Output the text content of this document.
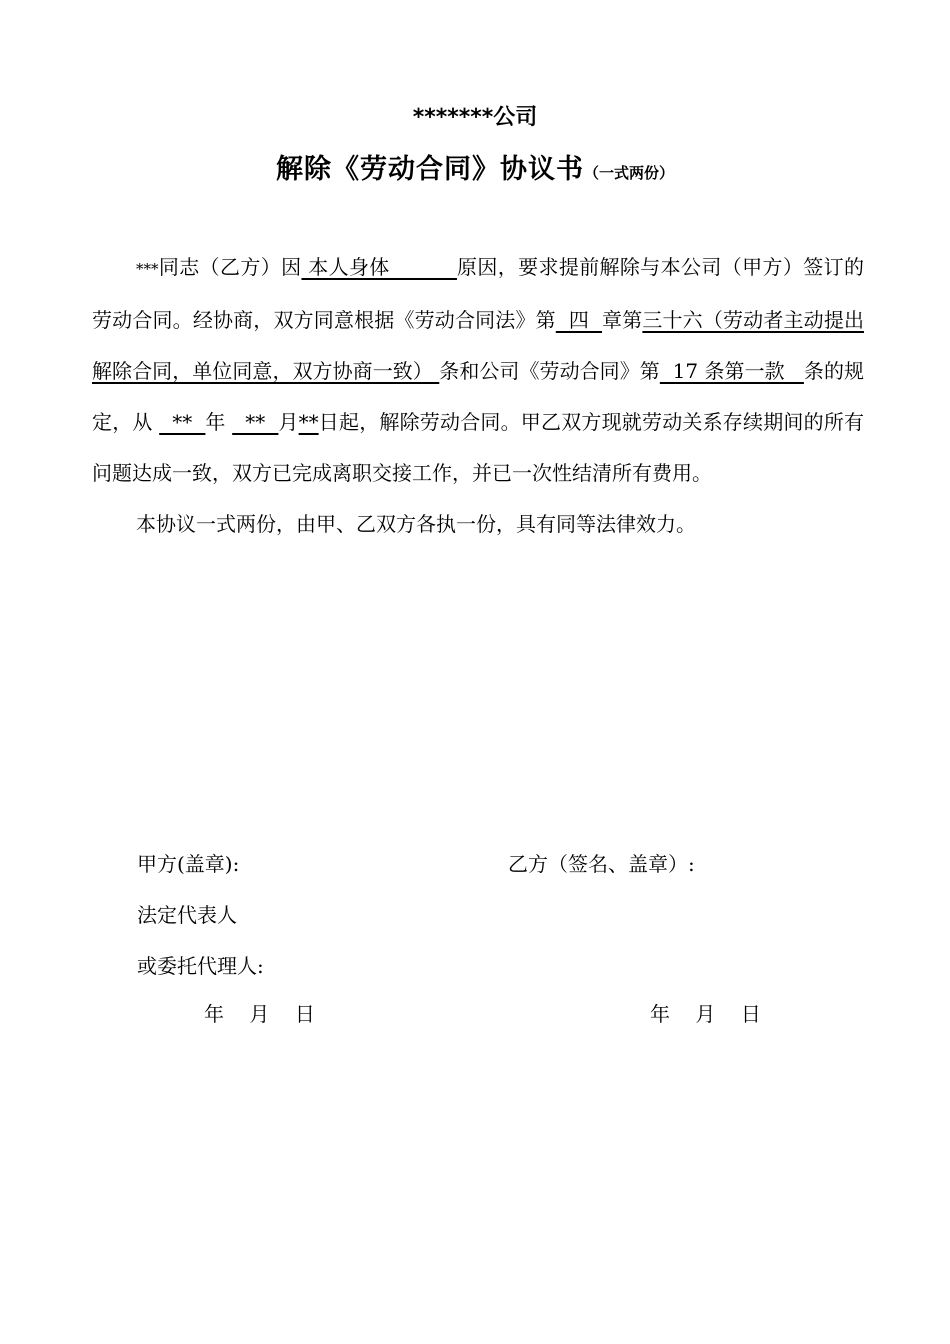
*******公司
解除《劳动合同》协议书（一式两份）

***同志（乙方）因 本人身体          原因，要求提前解除与本公司（甲方）签订的劳动合同。经协商，双方同意根据《劳动合同法》第  四  章第三十六（劳动者主动提出解除合同，单位同意，双方协商一致） 条和公司《劳动合同》第  17 条第一款   条的规定，从   **  年   **  月**日起，解除劳动合同。甲乙双方现就劳动关系存续期间的所有问题达成一致，双方已完成离职交接工作，并已一次性结清所有费用。

本协议一式两份，由甲、乙双方各执一份，具有同等法律效力。

甲方(盖章):
法定代表人
或委托代理人:
年    月    日
乙方（签名、盖章）:
年    月    日
